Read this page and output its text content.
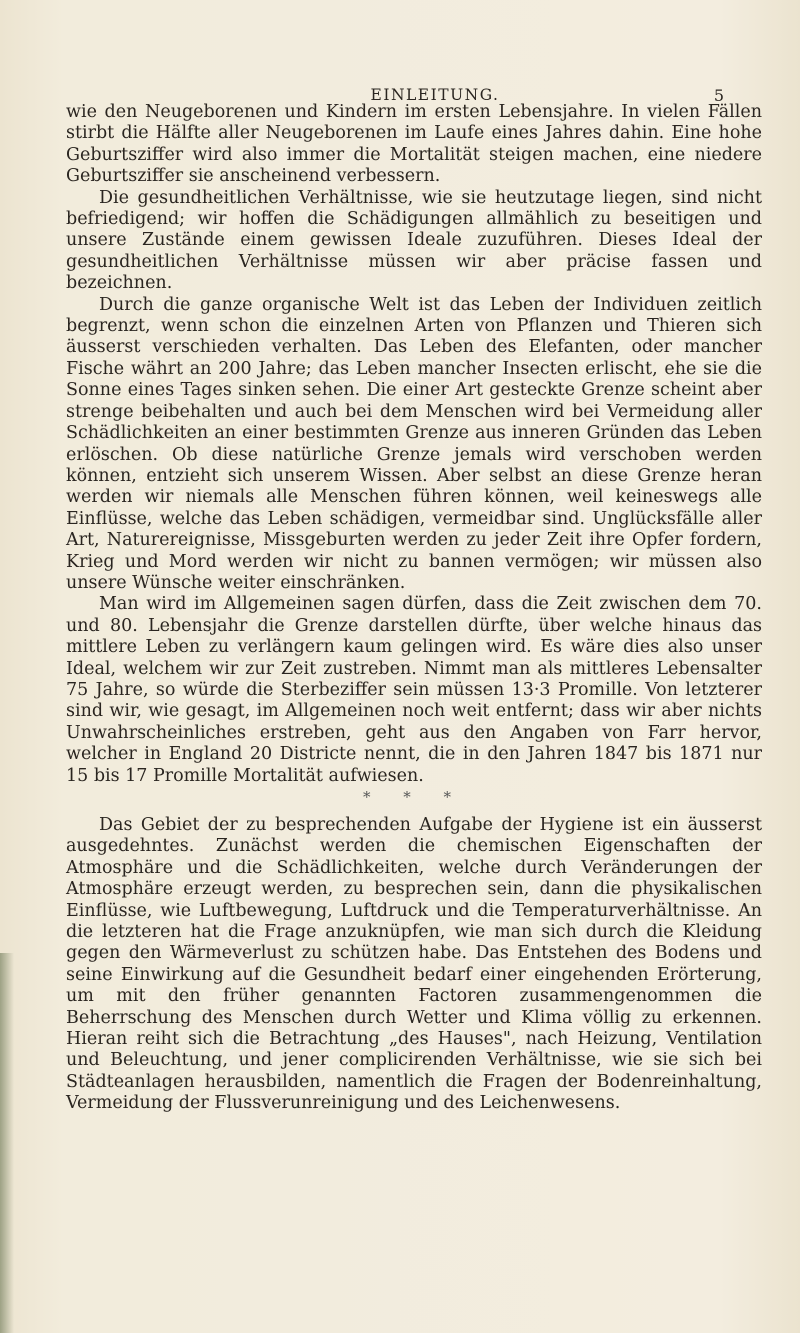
EINLEITUNG.	5

wie den Neugeborenen und Kindern im ersten Lebensjahre. In vielen Fällen stirbt die Hälfte aller Neugeborenen im Laufe eines Jahres dahin. Eine hohe Geburtsziffer wird also immer die Mortalität steigen machen, eine niedere Geburtsziffer sie anscheinend verbessern.

Die gesundheitlichen Verhältnisse, wie sie heutzutage liegen, sind nicht befriedigend; wir hoffen die Schädigungen allmählich zu beseitigen und unsere Zustände einem gewissen Ideale zuzuführen. Dieses Ideal der gesundheitlichen Verhältnisse müssen wir aber präcise fassen und bezeichnen.

Durch die ganze organische Welt ist das Leben der Individuen zeitlich begrenzt, wenn schon die einzelnen Arten von Pflanzen und Thieren sich äusserst verschieden verhalten. Das Leben des Elefanten, oder mancher Fische währt an 200 Jahre; das Leben mancher Insecten erlischt, ehe sie die Sonne eines Tages sinken sehen. Die einer Art gesteckte Grenze scheint aber strenge beibehalten und auch bei dem Menschen wird bei Vermeidung aller Schädlichkeiten an einer bestimmten Grenze aus inneren Gründen das Leben erlöschen. Ob diese natürliche Grenze jemals wird verschoben werden können, entzieht sich unserem Wissen. Aber selbst an diese Grenze heran werden wir niemals alle Menschen führen können, weil keineswegs alle Einflüsse, welche das Leben schädigen, vermeidbar sind. Unglücksfälle aller Art, Naturereignisse, Missgeburten werden zu jeder Zeit ihre Opfer fordern, Krieg und Mord werden wir nicht zu bannen vermögen; wir müssen also unsere Wünsche weiter einschränken.

Man wird im Allgemeinen sagen dürfen, dass die Zeit zwischen dem 70. und 80. Lebensjahr die Grenze darstellen dürfte, über welche hinaus das mittlere Leben zu verlängern kaum gelingen wird. Es wäre dies also unser Ideal, welchem wir zur Zeit zustreben. Nimmt man als mittleres Lebensalter 75 Jahre, so würde die Sterbeziffer sein müssen 13·3 Promille. Von letzterer sind wir, wie gesagt, im Allgemeinen noch weit entfernt; dass wir aber nichts Unwahrscheinliches erstreben, geht aus den Angaben von Farr hervor, welcher in England 20 Districte nennt, die in den Jahren 1847 bis 1871 nur 15 bis 17 Promille Mortalität aufwiesen.

* * *

Das Gebiet der zu besprechenden Aufgabe der Hygiene ist ein äusserst ausgedehntes. Zunächst werden die chemischen Eigenschaften der Atmosphäre und die Schädlichkeiten, welche durch Veränderungen der Atmosphäre erzeugt werden, zu besprechen sein, dann die physikalischen Einflüsse, wie Luftbewegung, Luftdruck und die Temperaturverhältnisse. An die letzteren hat die Frage anzuknüpfen, wie man sich durch die Kleidung gegen den Wärmeverlust zu schützen habe. Das Entstehen des Bodens und seine Einwirkung auf die Gesundheit bedarf einer eingehenden Erörterung, um mit den früher genannten Factoren zusammengenommen die Beherrschung des Menschen durch Wetter und Klima völlig zu erkennen. Hieran reiht sich die Betrachtung „des Hauses", nach Heizung, Ventilation und Beleuchtung, und jener complicirenden Verhältnisse, wie sie sich bei Städteanlagen herausbilden, namentlich die Fragen der Bodenreinhaltung, Vermeidung der Flussverunreinigung und des Leichenwesens.
